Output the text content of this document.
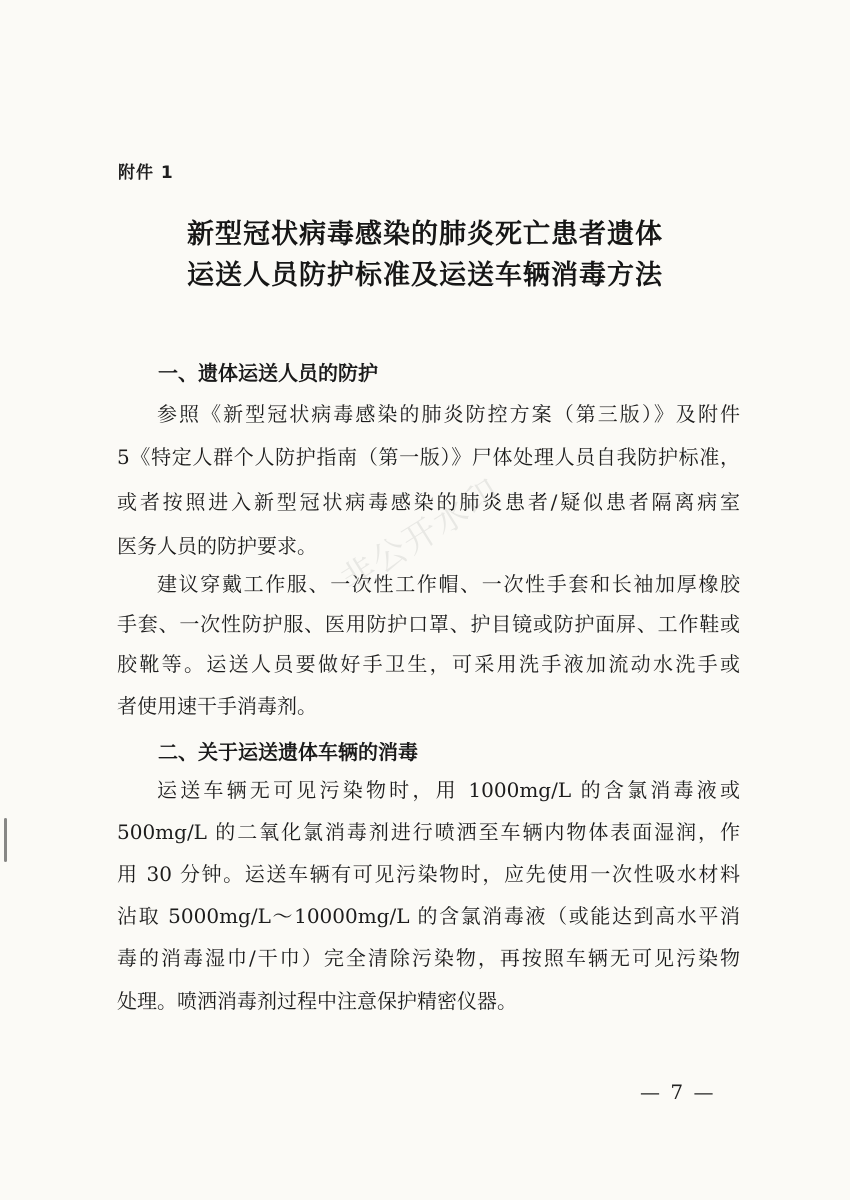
附件 1
新型冠状病毒感染的肺炎死亡患者遗体
运送人员防护标准及运送车辆消毒方法
一、遗体运送人员的防护
参照《新型冠状病毒感染的肺炎防控方案（第三版）》及附件
5《特定人群个人防护指南（第一版）》尸体处理人员自我防护标准，
或者按照进入新型冠状病毒感染的肺炎患者/疑似患者隔离病室
医务人员的防护要求。
建议穿戴工作服、一次性工作帽、一次性手套和长袖加厚橡胶
手套、一次性防护服、医用防护口罩、护目镜或防护面屏、工作鞋或
胶靴等。运送人员要做好手卫生，可采用洗手液加流动水洗手或
者使用速干手消毒剂。
二、关于运送遗体车辆的消毒
运送车辆无可见污染物时，用 1000mg/L 的含氯消毒液或
500mg/L 的二氧化氯消毒剂进行喷洒至车辆内物体表面湿润，作
用 30 分钟。运送车辆有可见污染物时，应先使用一次性吸水材料
沾取 5000mg/L～10000mg/L 的含氯消毒液（或能达到高水平消
毒的消毒湿巾/干巾）完全清除污染物，再按照车辆无可见污染物
处理。喷洒消毒剂过程中注意保护精密仪器。
非公开水印
— 7 —
